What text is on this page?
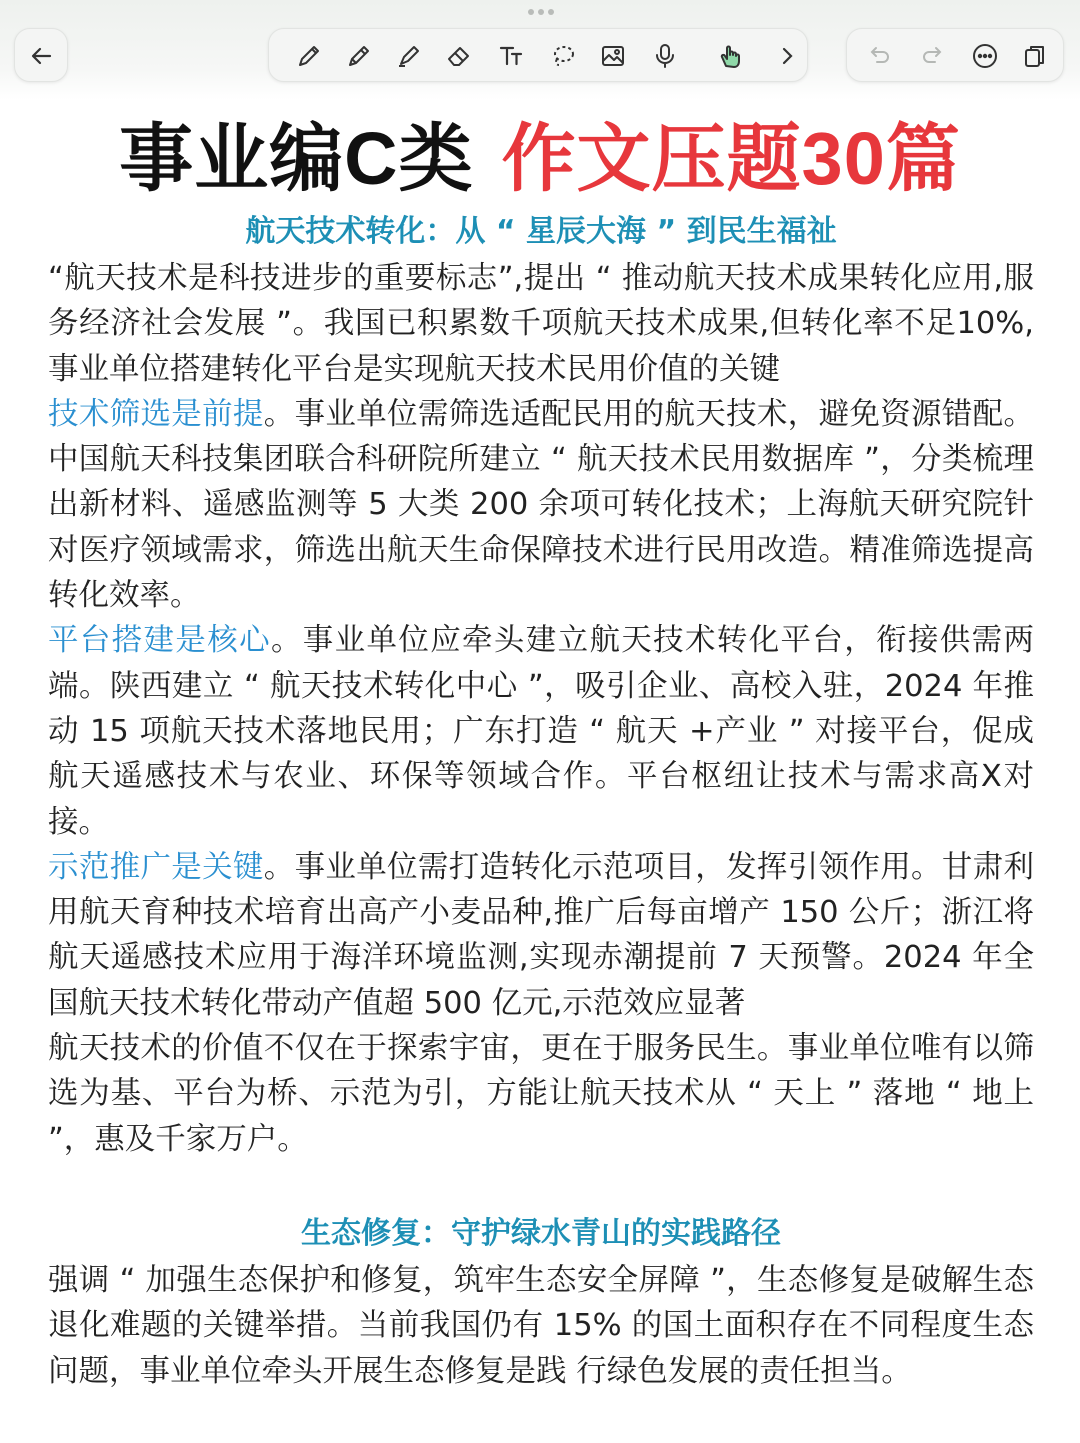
事业编C类 作文压题30篇
航天技术转化：从 “ 星辰大海 ” 到民生福祉

“航天技术是科技进步的重要标志”,提出 “ 推动航天技术成果转化应用,服务经济社会发展 ”。我国已积累数千项航天技术成果,但转化率不足10%,事业单位搭建转化平台是实现航天技术民用价值的关键

技术筛选是前提。事业单位需筛选适配民用的航天技术，避免资源错配。中国航天科技集团联合科研院所建立 “ 航天技术民用数据库 ”，分类梳理出新材料、遥感监测等 5 大类 200 余项可转化技术；上海航天研究院针对医疗领域需求，筛选出航天生命保障技术进行民用改造。精准筛选提高转化效率。

平台搭建是核心。事业单位应牵头建立航天技术转化平台，衔接供需两端。陕西建立 “ 航天技术转化中心 ”，吸引企业、高校入驻，2024 年推动 15 项航天技术落地民用；广东打造 “ 航天 +产业 ” 对接平台，促成航天遥感技术与农业、环保等领域合作。平台枢纽让技术与需求高X对接。

示范推广是关键。事业单位需打造转化示范项目，发挥引领作用。甘肃利用航天育种技术培育出高产小麦品种,推广后每亩增产 150 公斤；浙江将航天遥感技术应用于海洋环境监测,实现赤潮提前 7 天预警。2024 年全国航天技术转化带动产值超 500 亿元,示范效应显著

航天技术的价值不仅在于探索宇宙，更在于服务民生。事业单位唯有以筛选为基、平台为桥、示范为引，方能让航天技术从 “ 天上 ” 落地 “ 地上 ”，惠及千家万户。

生态修复：守护绿水青山的实践路径

强调 “ 加强生态保护和修复，筑牢生态安全屏障 ”，生态修复是破解生态退化难题的关键举措。当前我国仍有 15% 的国土面积存在不同程度生态问题，事业单位牵头开展生态修复是践 行绿色发展的责任担当。
